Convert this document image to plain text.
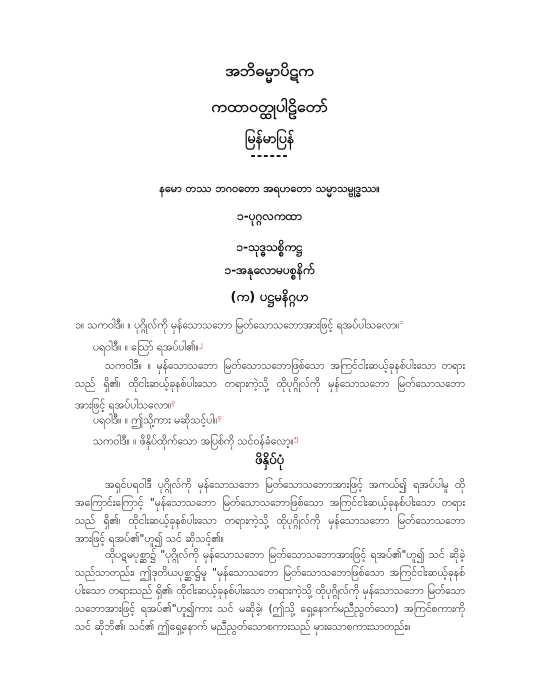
အဘိဓမ္မာပိဋက
ကထာဝတ္ထုပါဠိတော်
မြန်မာပြန်
------
နမော တဿ ဘဂဝတော အရဟတော သမ္မာသမ္ဗုဒ္ဓဿ။
၁-ပုဂ္ဂလကထာ
၁-သုဒ္ဓသစ္စိကဋ္ဌ
၁-အနုလောမပစ္စနိက်
(က) ပဋ္ဌမနိဂ္ဂဟ
၁။ သကဝါဒီ။ ။ ပုဂ္ဂိုလ်ကို မှန်သောသဘော မြတ်သောသဘောအားဖြင့် ရအပ်ပါသလော။$^၁$
ပရဝါဒီ။ ။ ဩော် ရအပ်ပါ၏။$^၂$
သကဝါဒီ။ ။ မှန်သောသဘော မြတ်သောသဘောဖြစ်သော အကြင်ငါးဆယ့်ခုနစ်ပါးသော တရားသည် ရှိ၏၊ ထိုငါးဆယ့်ခုနစ်ပါးသော တရားကဲ့သို့ ထိုပုဂ္ဂိုလ်ကို မှန်သောသဘော မြတ်သောသဘောအားဖြင့် ရအပ်ပါသလော။$^၃$
ပရဝါဒီ။ ။ ဤသို့ကား မဆိုသင့်ပါ။$^၄$
သကဝါဒီ။ ။ ဖိနှိပ်ထိုက်သော အပြစ်ကို သင်ဝန်ခံလော့။$^၅$
ဖိနှိပ်ပုံ
အရှင်ပရဝါဒီ ပုဂ္ဂိုလ်ကို မှန်သောသဘော မြတ်သောသဘောအားဖြင့် အကယ်၍ ရအပ်ပါမူ ထိုအကြောင်းကြောင့် "မှန်သောသဘော မြတ်သောသဘောဖြစ်သော အကြင်ငါးဆယ့်ခုနစ်ပါးသော တရားသည် ရှိ၏၊ ထိုငါးဆယ့်ခုနစ်ပါးသော တရားကဲ့သို့ ထိုပုဂ္ဂိုလ်ကို မှန်သောသဘော မြတ်သောသဘောအားဖြင့် ရအပ်၏"ဟူ၍ သင် ဆိုသင့်၏။
ထိုပဋမပုစ္ဆာ၌ "ပုဂ္ဂိုလ်ကို မှန်သောသဘော မြတ်သောသဘောအားဖြင့် ရအပ်၏"ဟူ၍ သင် ဆိုခဲ့သည်သာတည်း၊ ဤဒုတိယပုစ္ဆာ၌မူ "မှန်သောသဘော မြတ်သောသဘောဖြစ်သော အကြင်ငါးဆယ့်ခုနစ်ပါးသော တရားသည် ရှိ၏၊ ထိုငါးဆယ့်ခုနစ်ပါးသော တရားကဲ့သို့ ထိုပုဂ္ဂိုလ်ကို မှန်သောသဘော မြတ်သောသဘောအားဖြင့် ရအပ်၏"ဟူ၍ကား သင် မဆိုခဲ့၊ (ဤသို့ ရှေ့နောက်မညီညွတ်သော) အကြင်စကားကို သင် ဆိုဘိ၏၊ သင်၏ ဤရှေ့နောက် မညီညွတ်သောစကားသည် မှားသောစကားသာတည်း။
